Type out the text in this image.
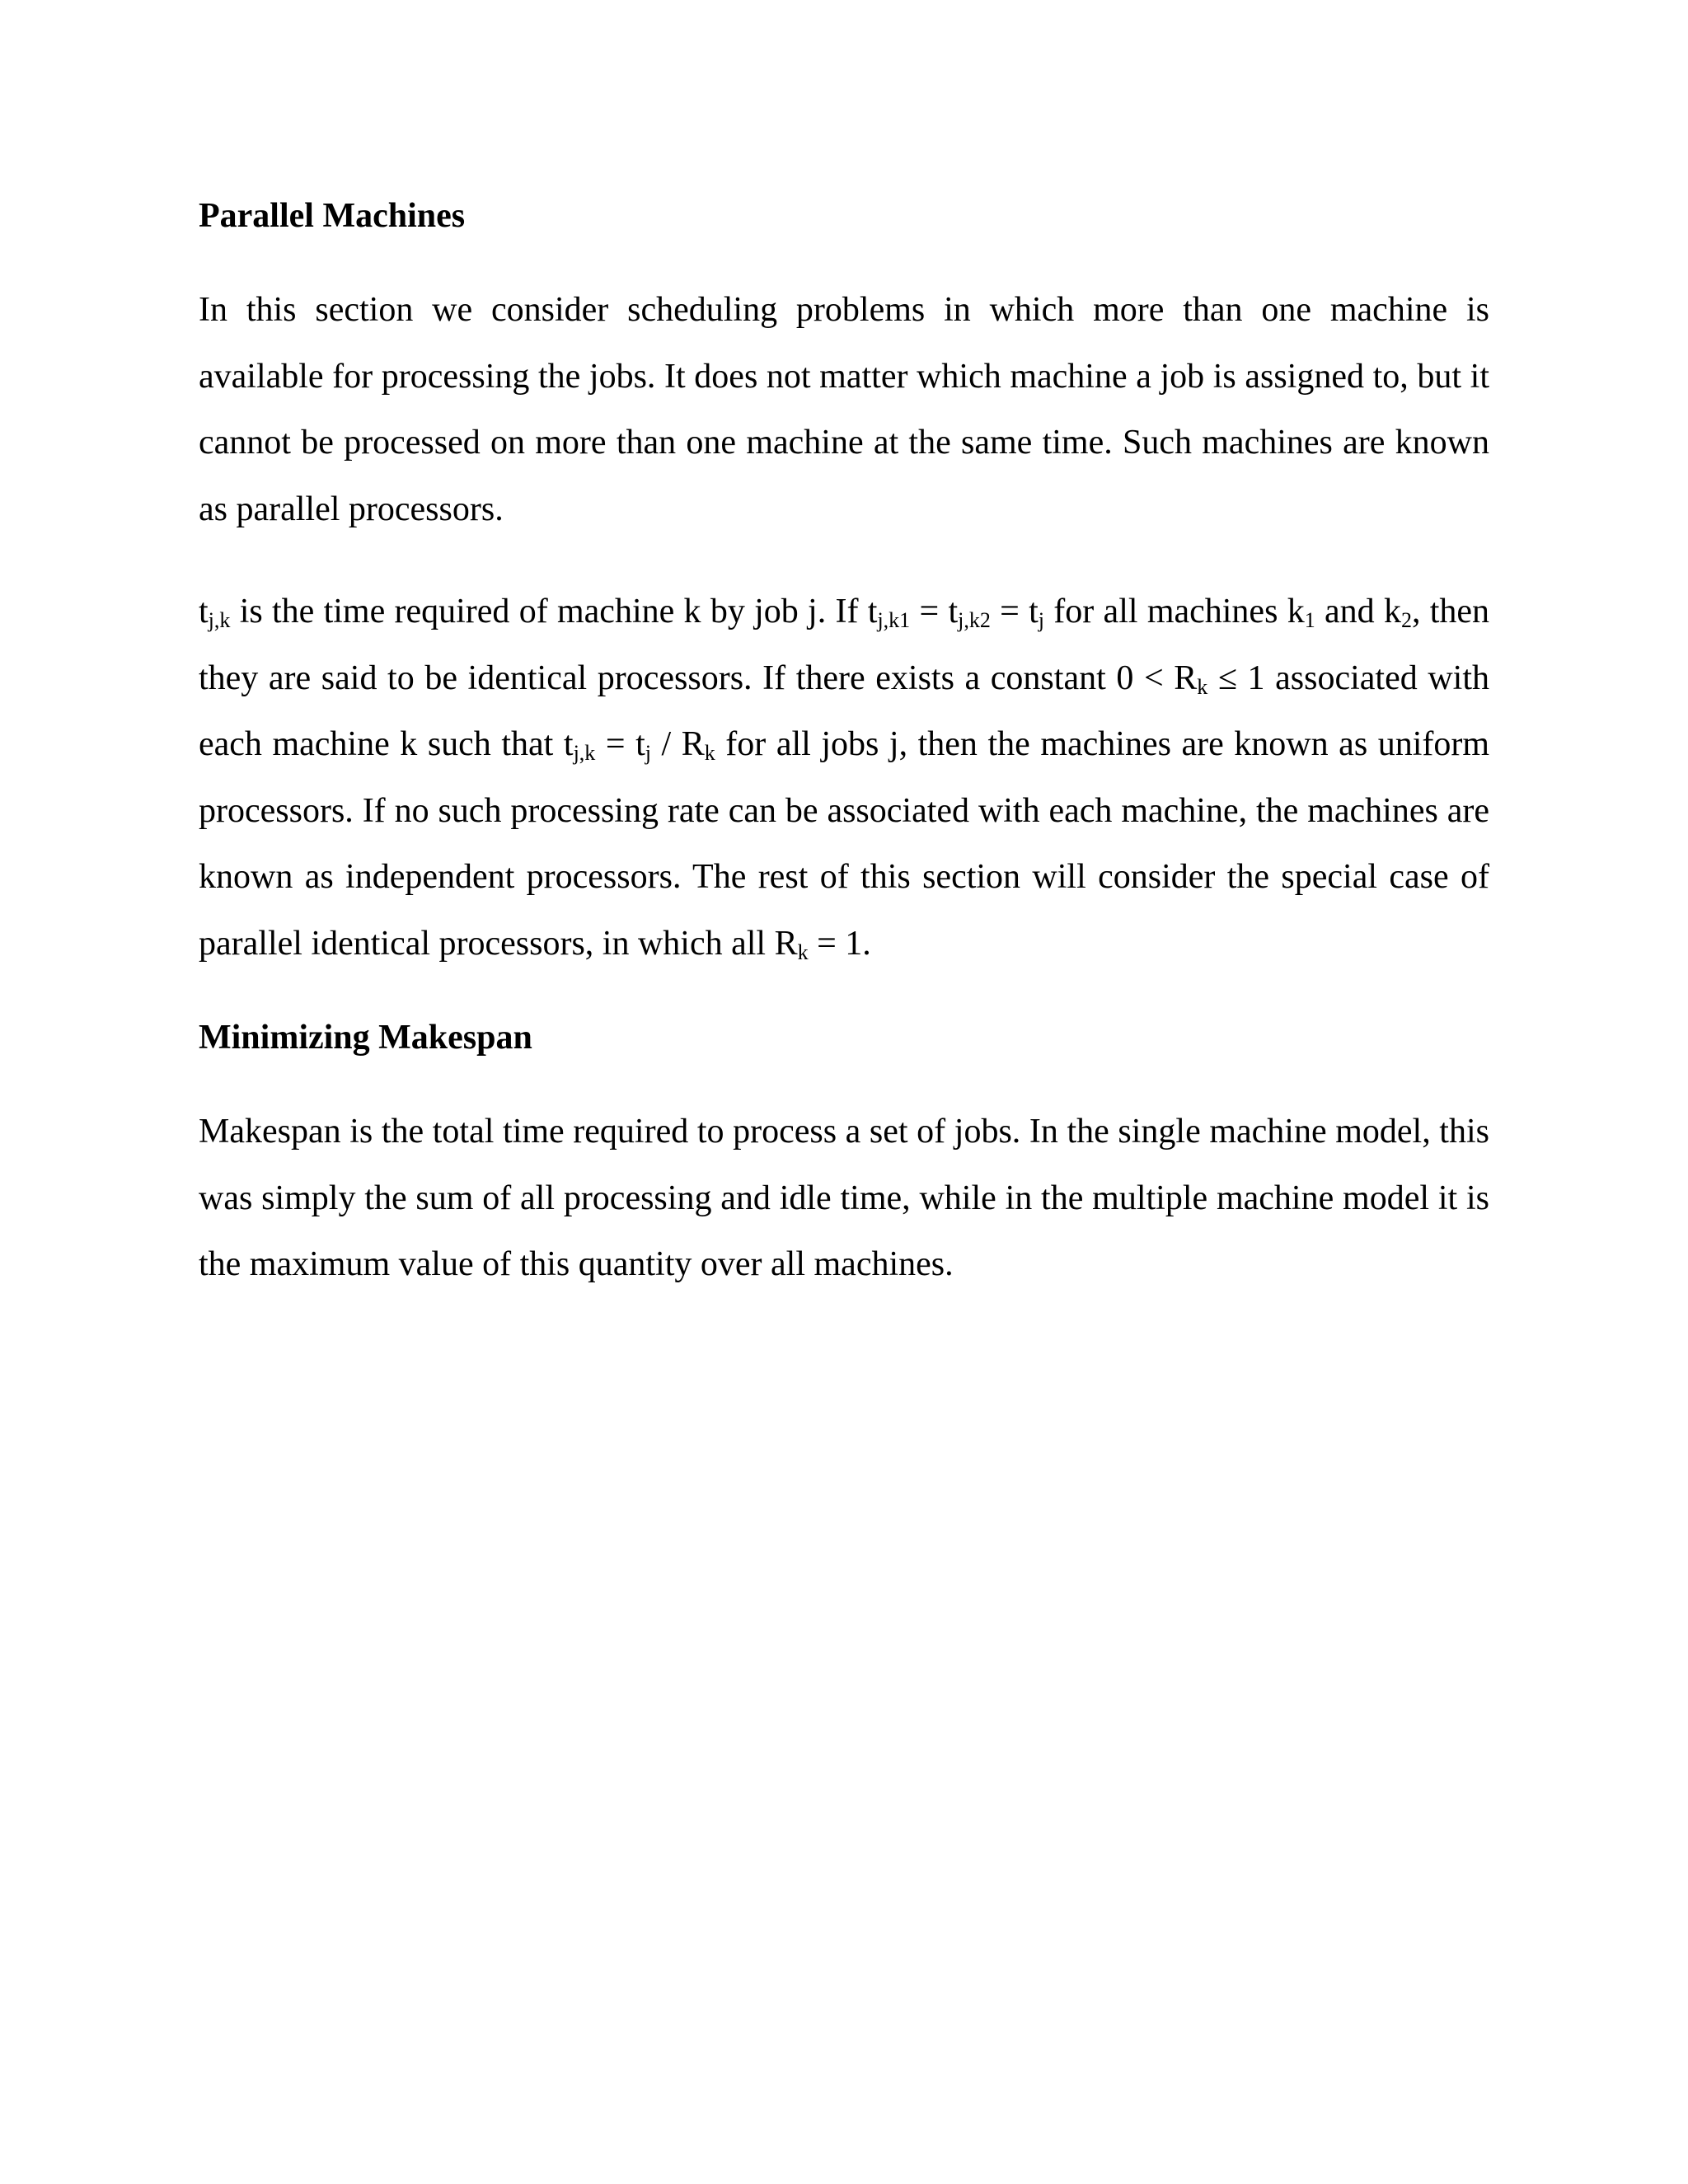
Parallel Machines

In this section we consider scheduling problems in which more than one machine is available for processing the jobs. It does not matter which machine a job is assigned to, but it cannot be processed on more than one machine at the same time. Such machines are known as parallel processors.

$t_{j,k}$ is the time required of machine k by job j. If $t_{j,k1} = t_{j,k2} = t_j$ for all machines $k_1$ and $k_2$, then they are said to be identical processors. If there exists a constant $0 < R_k \le 1$ associated with each machine k such that $t_{j,k} = t_j / R_k$ for all jobs j, then the machines are known as uniform processors. If no such processing rate can be associated with each machine, the machines are known as independent processors. The rest of this section will consider the special case of parallel identical processors, in which all $R_k = 1$.

Minimizing Makespan

Makespan is the total time required to process a set of jobs. In the single machine model, this was simply the sum of all processing and idle time, while in the multiple machine model it is the maximum value of this quantity over all machines.
